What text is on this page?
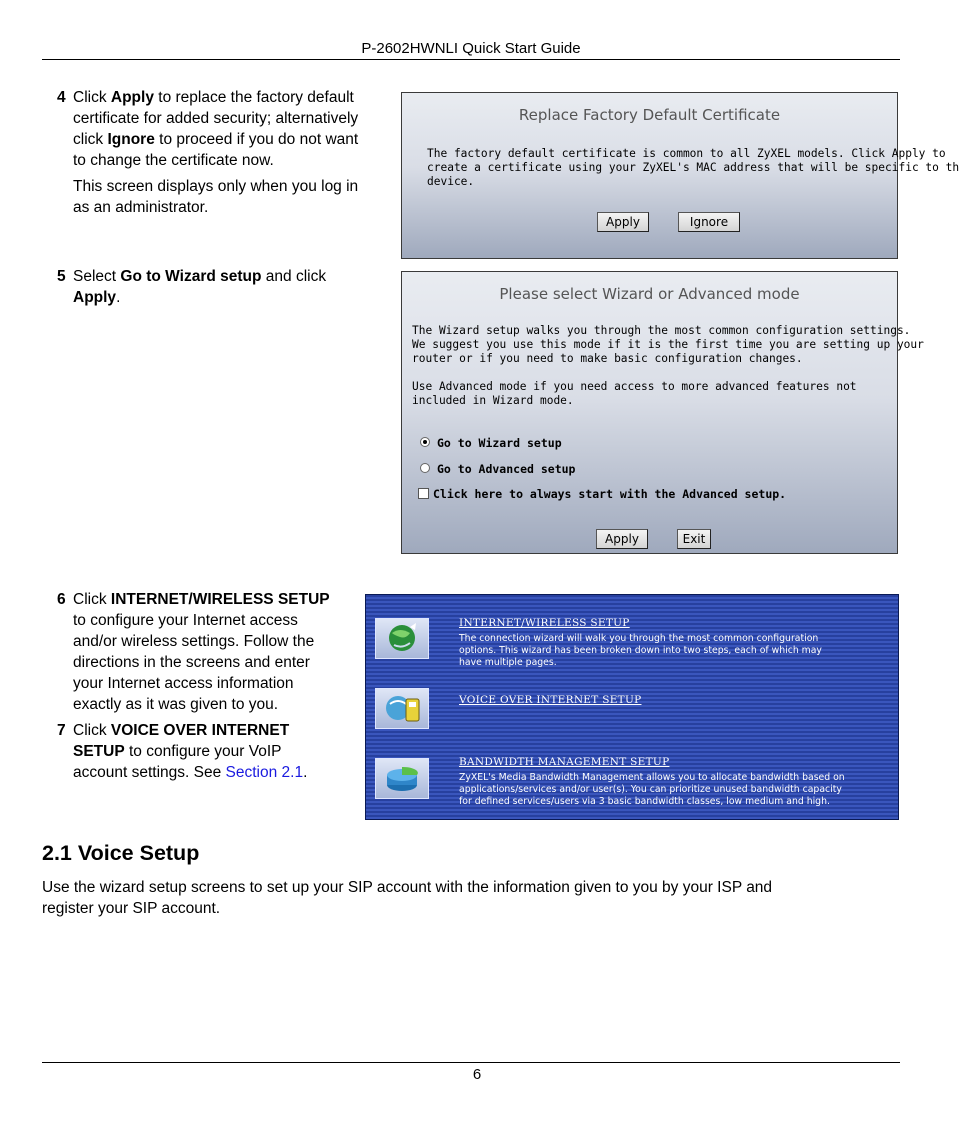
P-2602HWNLI Quick Start Guide
4 Click Apply to replace the factory default
certificate for added security; alternatively
click Ignore to proceed if you do not want
to change the certificate now.
This screen displays only when you log in
as an administrator.
Replace Factory Default Certificate
The factory default certificate is common to all ZyXEL models. Click Apply to
create a certificate using your ZyXEL's MAC address that will be specific to th
device.
Apply	Ignore
5 Select Go to Wizard setup and click
Apply.	Please select Wizard or Advanced mode
The Wizard setup walks you through the most common configuration settings.
We suggest you use this mode if it is the first time you are setting up your
router or if you need to make basic configuration changes.
Use Advanced mode if you need access to more advanced features not
included in Wizard mode.
Go to Wizard setup
Go to Advanced setup
Click here to always start with the Advanced setup.
Apply	Exit
6 Click INTERNET/WIRELESS SETUP
to configure your Internet access
and/or wireless settings. Follow the
directions in the screens and enter
your Internet access information
exactly as it was given to you.
7 Click VOICE OVER INTERNET
SETUP to configure your VoIP
account settings. See Section 2.1.
INTERNET/WIRELESS SETUP
The connection wizard will walk you through the most common configuration
options. This wizard has been broken down into two steps, each of which may
have multiple pages.
VOICE OVER INTERNET SETUP
BANDWIDTH MANAGEMENT SETUP
ZyXEL's Media Bandwidth Management allows you to allocate bandwidth based on
applications/services and/or user(s). You can prioritize unused bandwidth capacity
for defined services/users via 3 basic bandwidth classes, low medium and high.
2.1 Voice Setup
Use the wizard setup screens to set up your SIP account with the information given to you by your ISP and
register your SIP account.
6
